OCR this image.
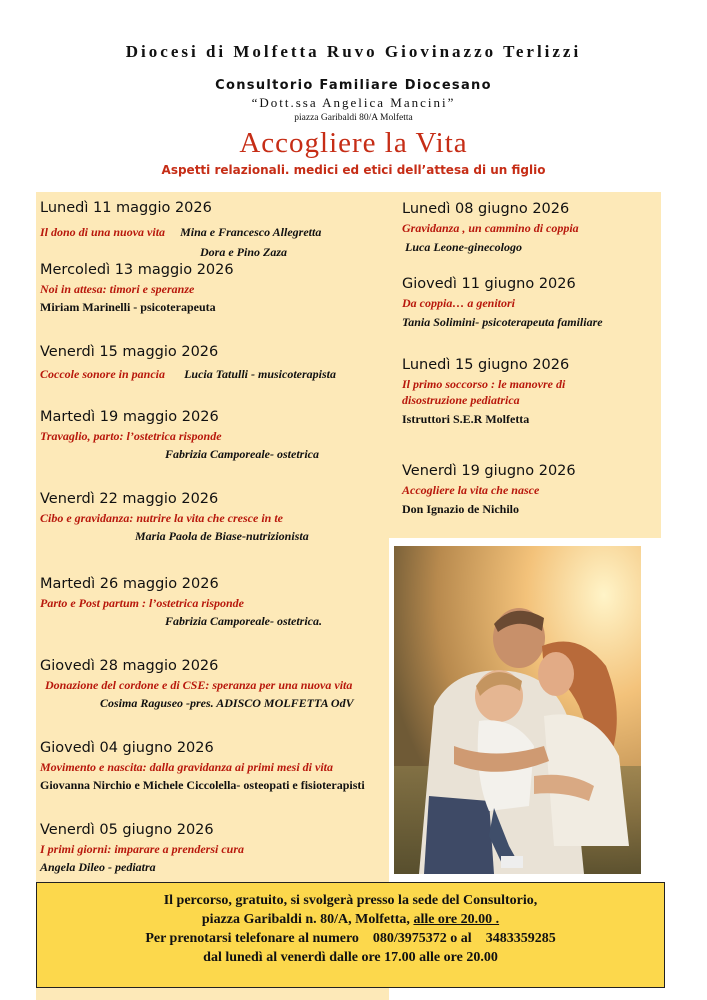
Diocesi di Molfetta Ruvo Giovinazzo Terlizzi
Consultorio Familiare Diocesano
“Dott.ssa Angelica Mancini”
piazza Garibaldi 80/A Molfetta
Accogliere la Vita
Aspetti relazionali. medici ed etici dell’attesa di un figlio
Lunedì 11 maggio 2026
Il dono di una nuova vita Mina e Francesco Allegretta
Dora e Pino Zaza
Mercoledì 13 maggio 2026
Noi in attesa: timori e speranze
Miriam Marinelli - psicoterapeuta
Venerdì 15 maggio 2026
Coccole sonore in pancia Lucia Tatulli - musicoterapista
Martedì 19 maggio 2026
Travaglio, parto: l’ostetrica risponde
Fabrizia Camporeale- ostetrica
Venerdì 22 maggio 2026
Cibo e gravidanza: nutrire la vita che cresce in te
Maria Paola de Biase-nutrizionista
Martedì 26 maggio 2026
Parto e Post partum : l’ostetrica risponde
Fabrizia Camporeale- ostetrica.
Giovedì 28 maggio 2026
Donazione del cordone e di CSE: speranza per una nuova vita
Cosima Raguseo -pres. ADISCO MOLFETTA OdV
Giovedì 04 giugno 2026
Movimento e nascita: dalla gravidanza ai primi mesi di vita
Giovanna Nirchio e Michele Ciccolella- osteopati e fisioterapisti
Venerdì 05 giugno 2026
I primi giorni: imparare a prendersi cura
Angela Dileo - pediatra
Lunedì 08 giugno 2026
Gravidanza , un cammino di coppia
Luca Leone-ginecologo
Giovedì 11 giugno 2026
Da coppia… a genitori
Tania Solimini- psicoterapeuta familiare
Lunedì 15 giugno 2026
Il primo soccorso : le manovre di
disostruzione pediatrica
Istruttori S.E.R Molfetta
Venerdì 19 giugno 2026
Accogliere la vita che nasce
Don Ignazio de Nichilo
Il percorso, gratuito, si svolgerà presso la sede del Consultorio,
piazza Garibaldi n. 80/A, Molfetta, alle ore 20.00 .
Per prenotarsi telefonare al numero 080/3975372 o al 3483359285
dal lunedì al venerdì dalle ore 17.00 alle ore 20.00
